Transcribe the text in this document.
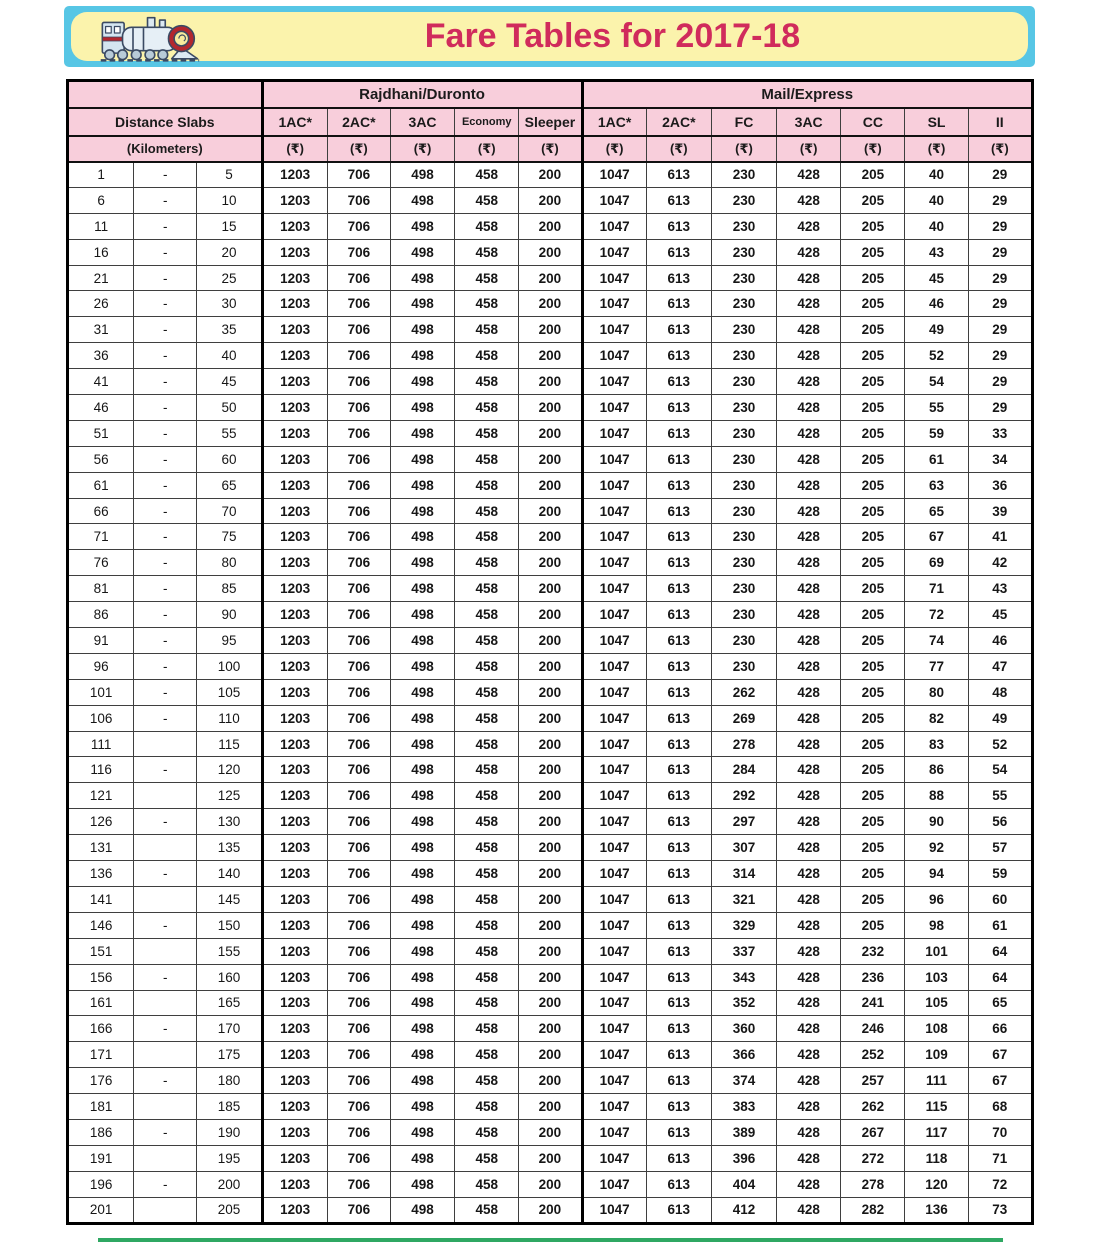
Fare Tables for 2017-18
			Rajdhani/Duronto					Mail/Express						
Distance Slabs			1AC*	2AC*	3AC	Economy	Sleeper	1AC*	2AC*	FC	3AC	CC	SL	II
(Kilometers)			(₹)	(₹)	(₹)	(₹)	(₹)	(₹)	(₹)	(₹)	(₹)	(₹)	(₹)	(₹)
1	-	5	1203	706	498	458	200	1047	613	230	428	205	40	29
6	-	10	1203	706	498	458	200	1047	613	230	428	205	40	29
11	-	15	1203	706	498	458	200	1047	613	230	428	205	40	29
16	-	20	1203	706	498	458	200	1047	613	230	428	205	43	29
21	-	25	1203	706	498	458	200	1047	613	230	428	205	45	29
26	-	30	1203	706	498	458	200	1047	613	230	428	205	46	29
31	-	35	1203	706	498	458	200	1047	613	230	428	205	49	29
36	-	40	1203	706	498	458	200	1047	613	230	428	205	52	29
41	-	45	1203	706	498	458	200	1047	613	230	428	205	54	29
46	-	50	1203	706	498	458	200	1047	613	230	428	205	55	29
51	-	55	1203	706	498	458	200	1047	613	230	428	205	59	33
56	-	60	1203	706	498	458	200	1047	613	230	428	205	61	34
61	-	65	1203	706	498	458	200	1047	613	230	428	205	63	36
66	-	70	1203	706	498	458	200	1047	613	230	428	205	65	39
71	-	75	1203	706	498	458	200	1047	613	230	428	205	67	41
76	-	80	1203	706	498	458	200	1047	613	230	428	205	69	42
81	-	85	1203	706	498	458	200	1047	613	230	428	205	71	43
86	-	90	1203	706	498	458	200	1047	613	230	428	205	72	45
91	-	95	1203	706	498	458	200	1047	613	230	428	205	74	46
96	-	100	1203	706	498	458	200	1047	613	230	428	205	77	47
101	-	105	1203	706	498	458	200	1047	613	262	428	205	80	48
106	-	110	1203	706	498	458	200	1047	613	269	428	205	82	49
111		115	1203	706	498	458	200	1047	613	278	428	205	83	52
116	-	120	1203	706	498	458	200	1047	613	284	428	205	86	54
121		125	1203	706	498	458	200	1047	613	292	428	205	88	55
126	-	130	1203	706	498	458	200	1047	613	297	428	205	90	56
131		135	1203	706	498	458	200	1047	613	307	428	205	92	57
136	-	140	1203	706	498	458	200	1047	613	314	428	205	94	59
141		145	1203	706	498	458	200	1047	613	321	428	205	96	60
146	-	150	1203	706	498	458	200	1047	613	329	428	205	98	61
151		155	1203	706	498	458	200	1047	613	337	428	232	101	64
156	-	160	1203	706	498	458	200	1047	613	343	428	236	103	64
161		165	1203	706	498	458	200	1047	613	352	428	241	105	65
166	-	170	1203	706	498	458	200	1047	613	360	428	246	108	66
171		175	1203	706	498	458	200	1047	613	366	428	252	109	67
176	-	180	1203	706	498	458	200	1047	613	374	428	257	111	67
181		185	1203	706	498	458	200	1047	613	383	428	262	115	68
186	-	190	1203	706	498	458	200	1047	613	389	428	267	117	70
191		195	1203	706	498	458	200	1047	613	396	428	272	118	71
196	-	200	1203	706	498	458	200	1047	613	404	428	278	120	72
201		205	1203	706	498	458	200	1047	613	412	428	282	136	73
